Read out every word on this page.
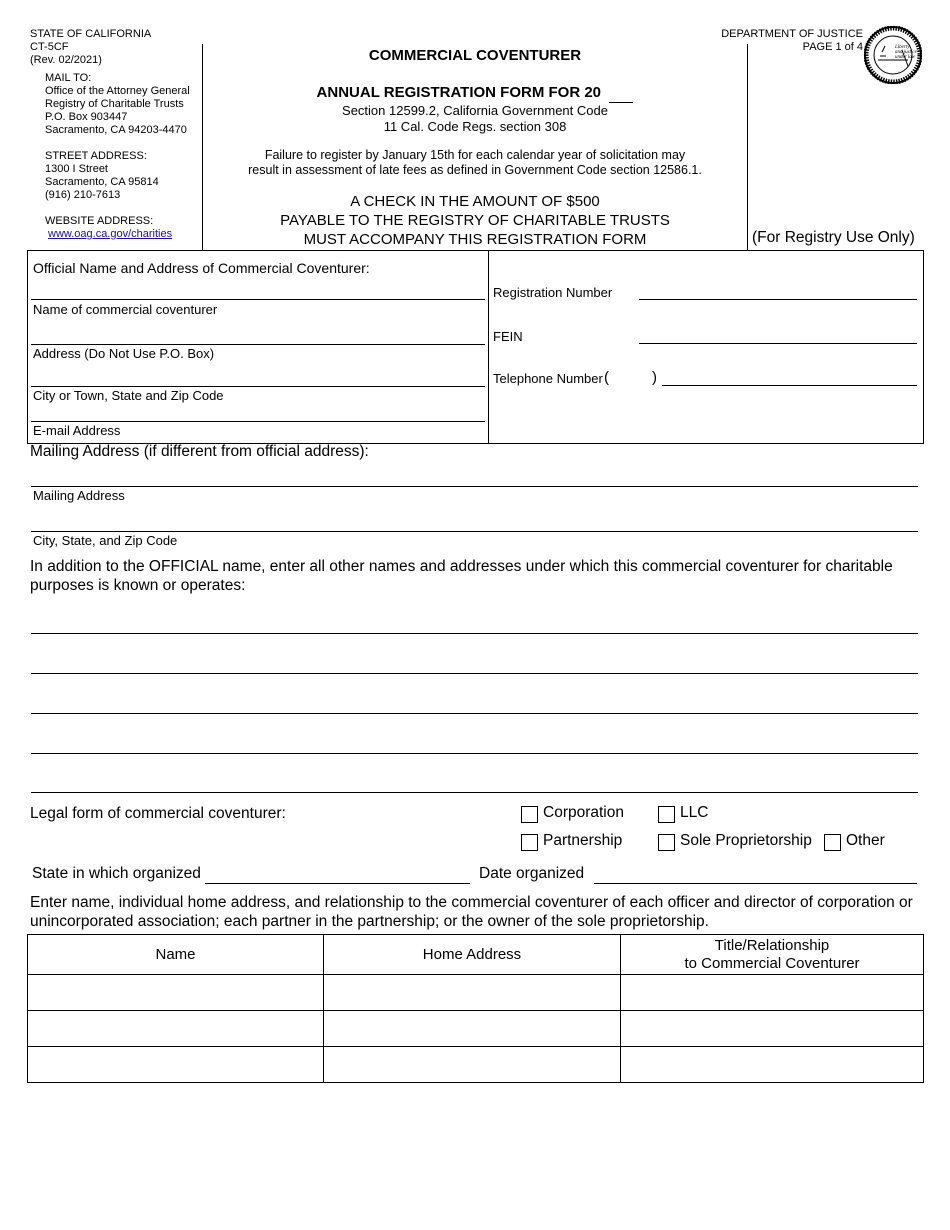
STATE OF CALIFORNIA
CT-5CF
(Rev. 02/2021)
MAIL TO:
Office of the Attorney General
Registry of Charitable Trusts
P.O. Box 903447
Sacramento, CA 94203-4470
STREET ADDRESS:
1300 I Street
Sacramento, CA 95814
(916) 210-7613
WEBSITE ADDRESS:
www.oag.ca.gov/charities
COMMERCIAL COVENTURER
ANNUAL REGISTRATION FORM FOR 20
Section 12599.2, California Government Code
11 Cal. Code Regs. section 308
Failure to register by January 15th for each calendar year of solicitation may
result in assessment of late fees as defined in Government Code section 12586.1.
A CHECK IN THE AMOUNT OF $500
PAYABLE TO THE REGISTRY OF CHARITABLE TRUSTS
MUST ACCOMPANY THIS REGISTRATION FORM
DEPARTMENT OF JUSTICE
PAGE 1 of 4	Liberty
and justice
under law
(For Registry Use Only)
Official Name and Address of Commercial Coventurer:
Name of commercial coventurer
Address (Do Not Use P.O. Box)
City or Town, State and Zip Code
E-mail Address
Registration Number
FEIN
Telephone Number (	)
Mailing Address (if different from official address):
Mailing Address
City, State, and Zip Code
In addition to the OFFICIAL name, enter all other names and addresses under which this commercial coventurer for charitable purposes is known or operates:
Legal form of commercial coventurer:	Corporation	LLC
Partnership	Sole Proprietorship Other
State in which organized	Date organized
Enter name, individual home address, and relationship to the commercial coventurer of each officer and director of corporation or unincorporated association; each partner in the partnership; or the owner of the sole proprietorship.
Name	Home Address	Title/Relationship
to Commercial Coventurer
